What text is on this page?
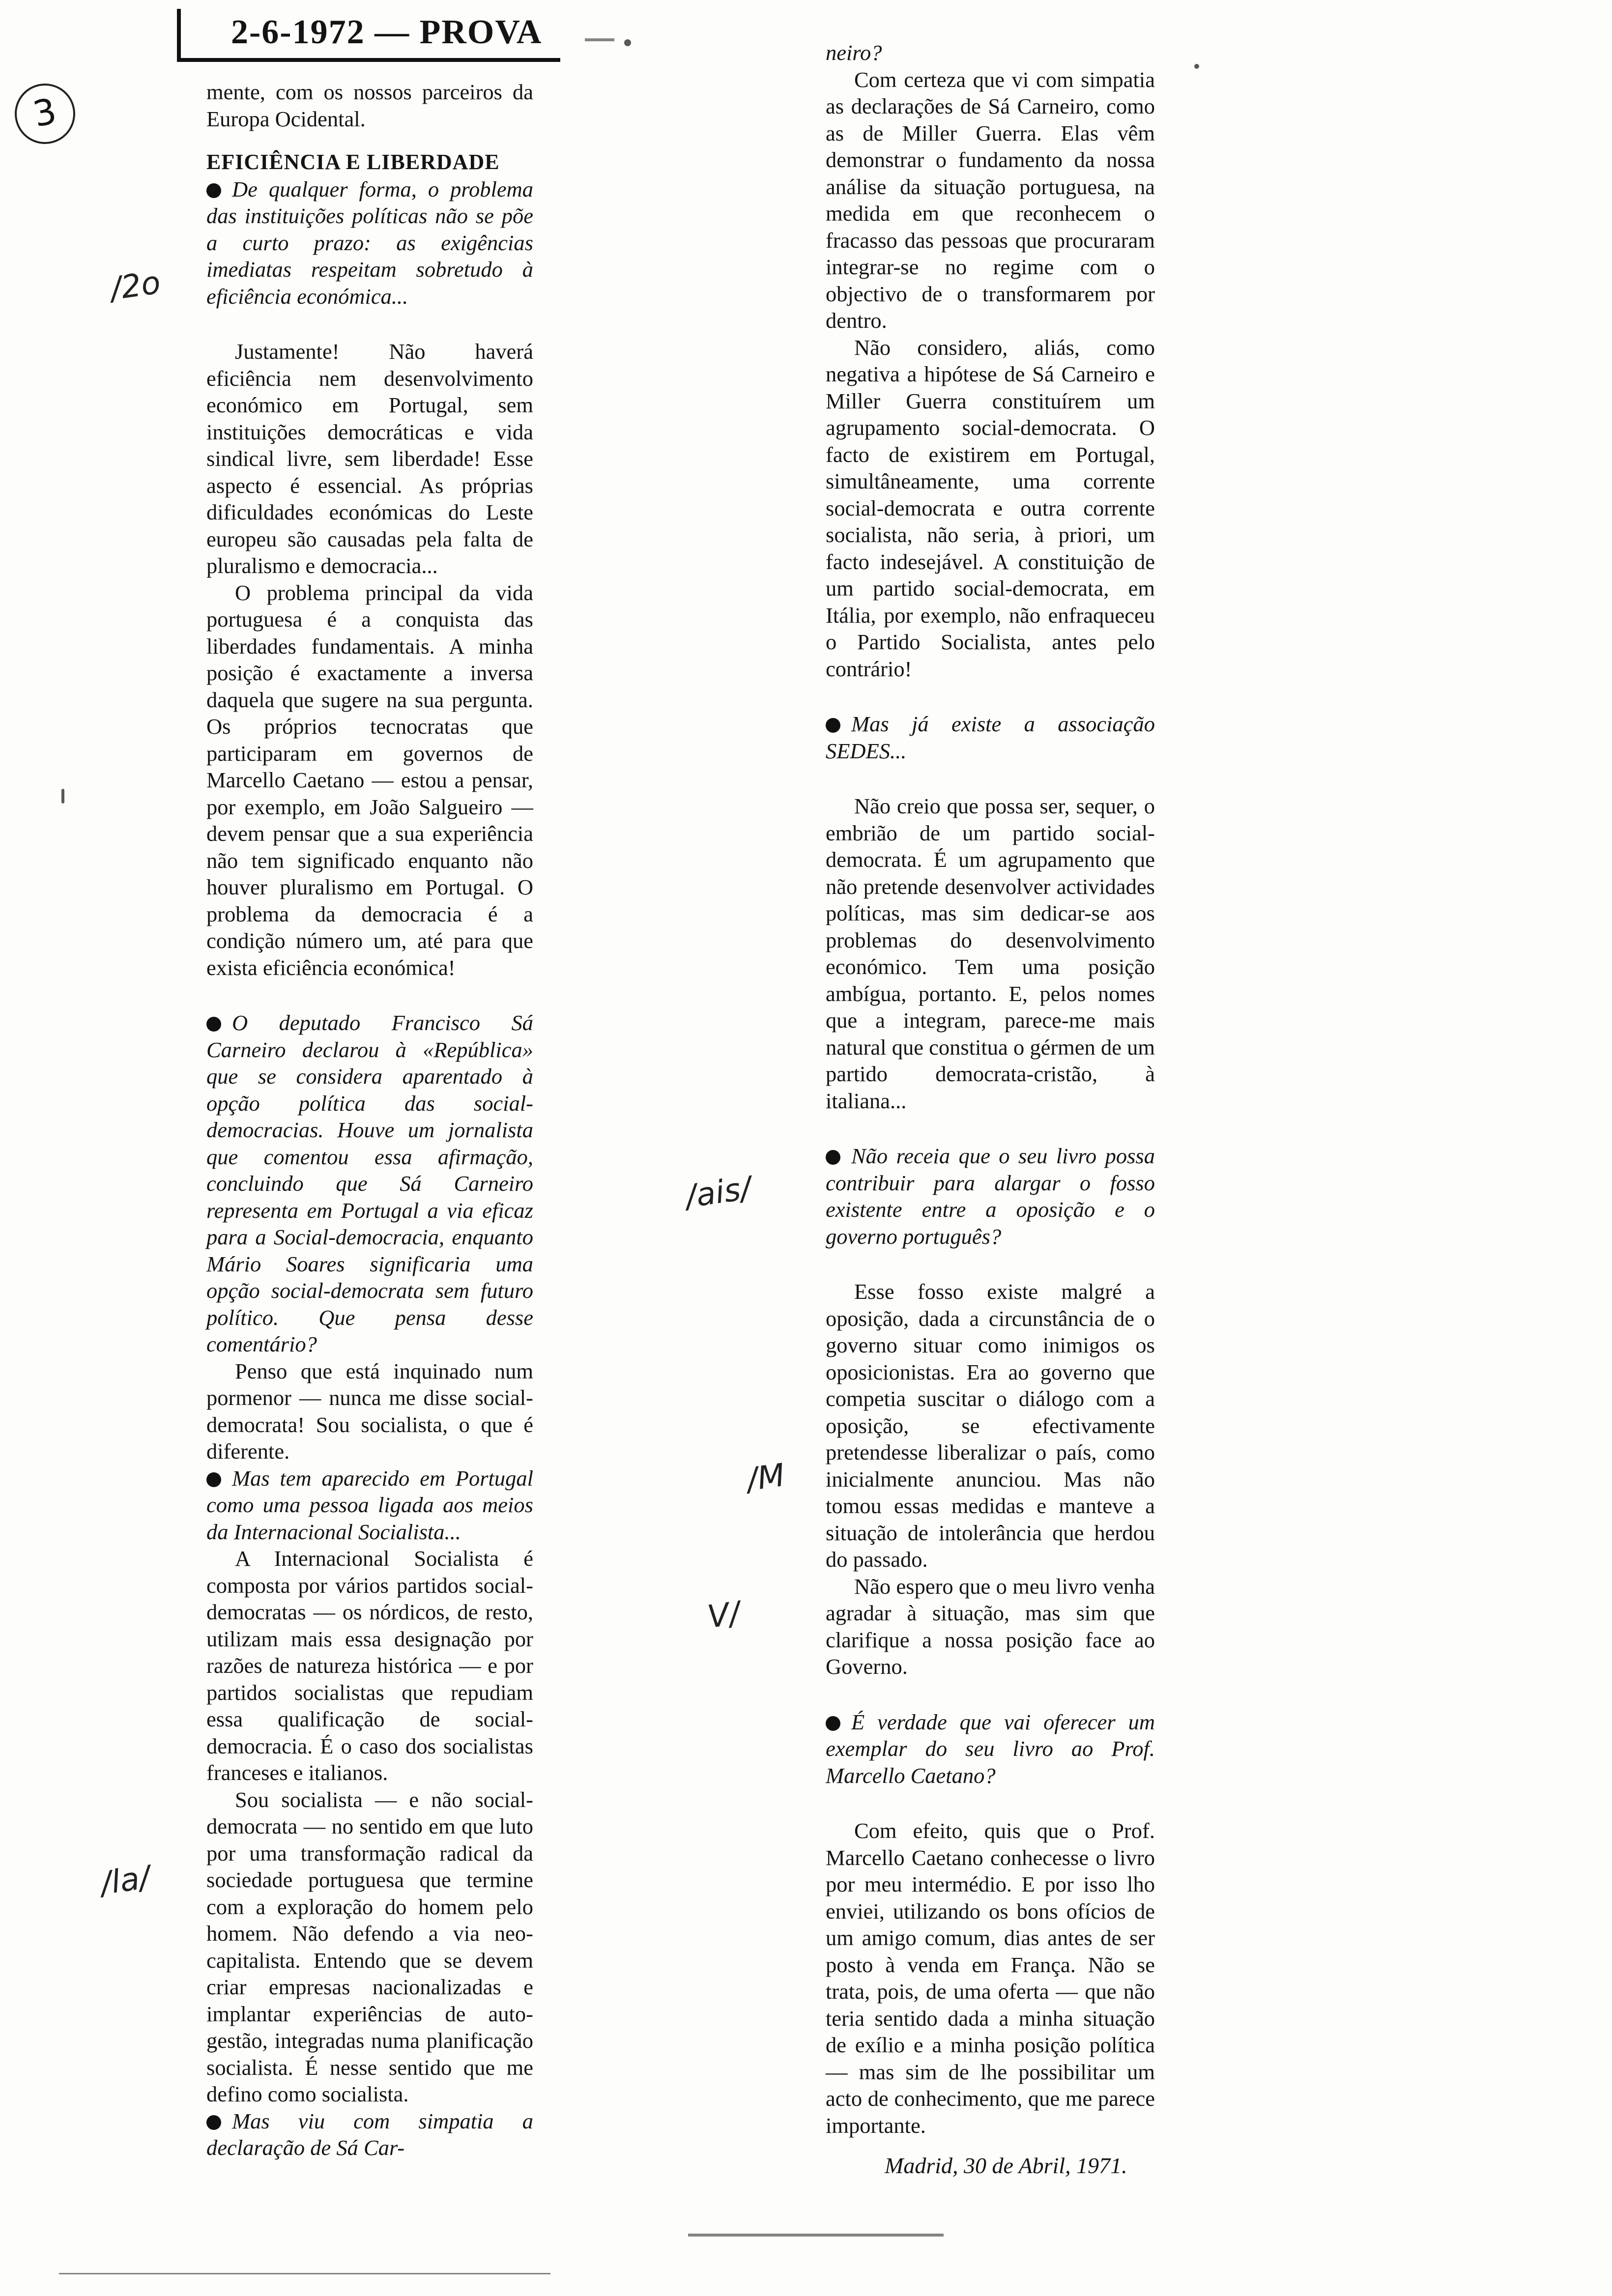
2-6-1972 — PROVA
3
/2o
/ais/
/M
V/
/la/

mente, com os nossos parceiros da Europa Ocidental.

EFICIÊNCIA E LIBERDADE

De qualquer forma, o problema das instituições políticas não se põe a curto prazo: as exigências imediatas respeitam sobretudo à eficiência económica...

Justamente! Não haverá eficiência nem desenvolvimento económico em Portugal, sem instituições democráticas e vida sindical livre, sem liberdade! Esse aspecto é essencial. As próprias dificuldades económicas do Leste europeu são causadas pela falta de pluralismo e democracia...

O problema principal da vida portuguesa é a conquista das liberdades fundamentais. A minha posição é exactamente a inversa daquela que sugere na sua pergunta. Os próprios tecnocratas que participaram em governos de Marcello Caetano — estou a pensar, por exemplo, em João Salgueiro — devem pensar que a sua experiência não tem significado enquanto não houver pluralismo em Portugal. O problema da democracia é a condição número um, até para que exista eficiência económica!

O deputado Francisco Sá Carneiro declarou à «República» que se considera aparentado à opção política das social-democracias. Houve um jornalista que comentou essa afirmação, concluindo que Sá Carneiro representa em Portugal a via eficaz para a Social-democracia, enquanto Mário Soares significaria uma opção social-democrata sem futuro político. Que pensa desse comentário?

Penso que está inquinado num pormenor — nunca me disse social-democrata! Sou socialista, o que é diferente.

Mas tem aparecido em Portugal como uma pessoa ligada aos meios da Internacional Socialista...

A Internacional Socialista é composta por vários partidos social-democratas — os nórdicos, de resto, utilizam mais essa designação por razões de natureza histórica — e por partidos socialistas que repudiam essa qualificação de social-democracia. É o caso dos socialistas franceses e italianos.

Sou socialista — e não social-democrata — no sentido em que luto por uma transformação radical da sociedade portuguesa que termine com a exploração do homem pelo homem. Não defendo a via neo-capitalista. Entendo que se devem criar empresas nacionalizadas e implantar experiências de auto-gestão, integradas numa planificação socialista. É nesse sentido que me defino como socialista.

Mas viu com simpatia a declaração de Sá Car-

neiro?

Com certeza que vi com simpatia as declarações de Sá Carneiro, como as de Miller Guerra. Elas vêm demonstrar o fundamento da nossa análise da situação portuguesa, na medida em que reconhecem o fracasso das pessoas que procuraram integrar-se no regime com o objectivo de o transformarem por dentro.

Não considero, aliás, como negativa a hipótese de Sá Carneiro e Miller Guerra constituírem um agrupamento social-democrata. O facto de existirem em Portugal, simultâneamente, uma corrente social-democrata e outra corrente socialista, não seria, à priori, um facto indesejável. A constituição de um partido social-democrata, em Itália, por exemplo, não enfraqueceu o Partido Socialista, antes pelo contrário!

Mas já existe a associação SEDES...

Não creio que possa ser, sequer, o embrião de um partido social-democrata. É um agrupamento que não pretende desenvolver actividades políticas, mas sim dedicar-se aos problemas do desenvolvimento económico. Tem uma posição ambígua, portanto. E, pelos nomes que a integram, parece-me mais natural que constitua o gérmen de um partido democrata-cristão, à italiana...

Não receia que o seu livro possa contribuir para alargar o fosso existente entre a oposição e o governo português?

Esse fosso existe malgré a oposição, dada a circunstância de o governo situar como inimigos os oposicionistas. Era ao governo que competia suscitar o diálogo com a oposição, se efectivamente pretendesse liberalizar o país, como inicialmente anunciou. Mas não tomou essas medidas e manteve a situação de intolerância que herdou do passado.

Não espero que o meu livro venha agradar à situação, mas sim que clarifique a nossa posição face ao Governo.

É verdade que vai oferecer um exemplar do seu livro ao Prof. Marcello Caetano?

Com efeito, quis que o Prof. Marcello Caetano conhecesse o livro por meu intermédio. E por isso lho enviei, utilizando os bons ofícios de um amigo comum, dias antes de ser posto à venda em França. Não se trata, pois, de uma oferta — que não teria sentido dada a minha situação de exílio e a minha posição política — mas sim de lhe possibilitar um acto de conhecimento, que me parece importante.

Madrid, 30 de Abril, 1971.
